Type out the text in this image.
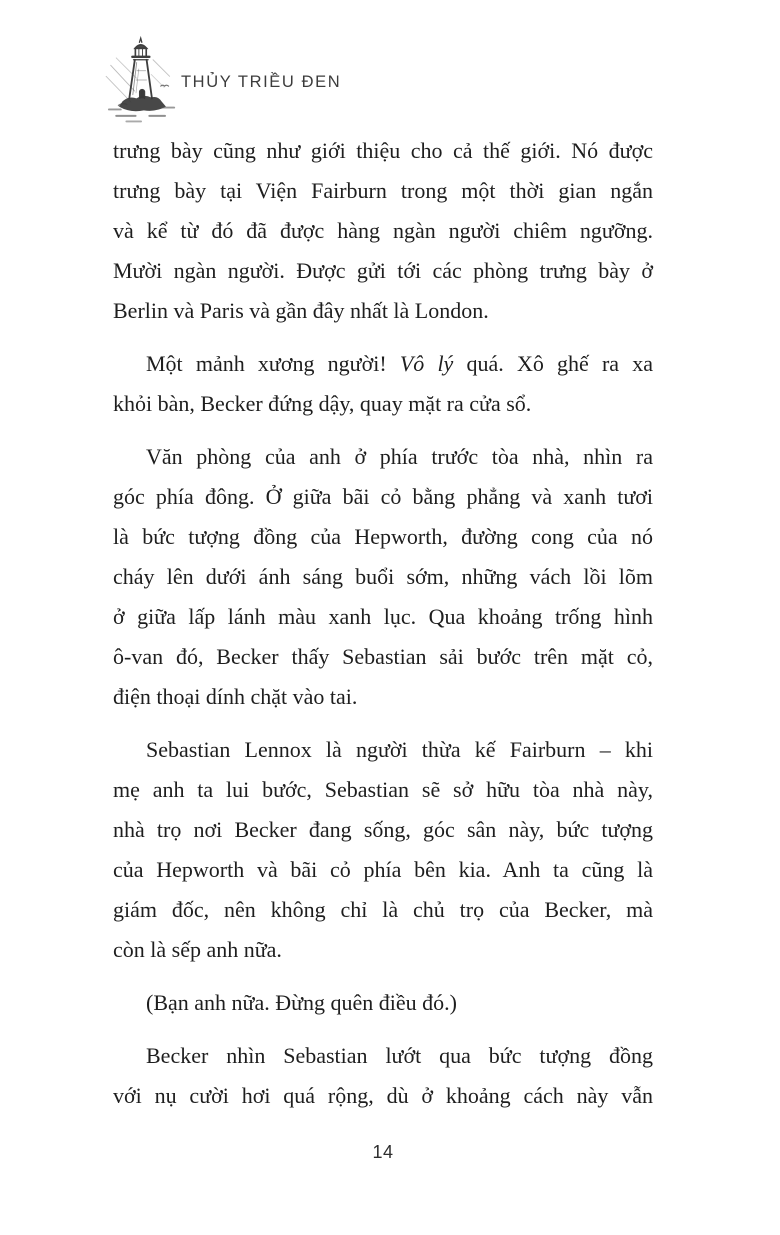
THỦY TRIỀU ĐEN
trưng bày cũng như giới thiệu cho cả thế giới. Nó được
trưng bày tại Viện Fairburn trong một thời gian ngắn
và kể từ đó đã được hàng ngàn người chiêm ngưỡng.
Mười ngàn người. Được gửi tới các phòng trưng bày ở
Berlin và Paris và gần đây nhất là London.
Một mảnh xương người! Vô lý quá. Xô ghế ra xa
khỏi bàn, Becker đứng dậy, quay mặt ra cửa sổ.
Văn phòng của anh ở phía trước tòa nhà, nhìn ra
góc phía đông. Ở giữa bãi cỏ bằng phẳng và xanh tươi
là bức tượng đồng của Hepworth, đường cong của nó
cháy lên dưới ánh sáng buổi sớm, những vách lồi lõm
ở giữa lấp lánh màu xanh lục. Qua khoảng trống hình
ô-van đó, Becker thấy Sebastian sải bước trên mặt cỏ,
điện thoại dính chặt vào tai.
Sebastian Lennox là người thừa kế Fairburn – khi
mẹ anh ta lui bước, Sebastian sẽ sở hữu tòa nhà này,
nhà trọ nơi Becker đang sống, góc sân này, bức tượng
của Hepworth và bãi cỏ phía bên kia. Anh ta cũng là
giám đốc, nên không chỉ là chủ trọ của Becker, mà
còn là sếp anh nữa.
(Bạn anh nữa. Đừng quên điều đó.)
Becker nhìn Sebastian lướt qua bức tượng đồng
với nụ cười hơi quá rộng, dù ở khoảng cách này vẫn
14
